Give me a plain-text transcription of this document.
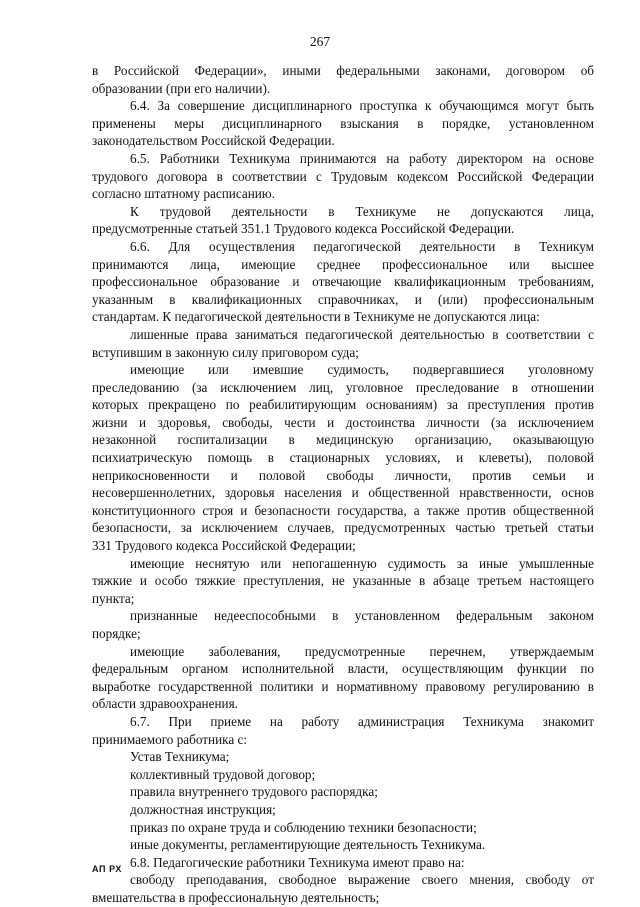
267
в Российской Федерации», иными федеральными законами, договором об
образовании (при его наличии).
6.4. За совершение дисциплинарного проступка к обучающимся могут быть
применены меры дисциплинарного взыскания в порядке, установленном
законодательством Российской Федерации.
6.5. Работники Техникума принимаются на работу директором на основе
трудового договора в соответствии с Трудовым кодексом Российской Федерации
согласно штатному расписанию.
К трудовой деятельности в Техникуме не допускаются лица,
предусмотренные статьей 351.1 Трудового кодекса Российской Федерации.
6.6. Для осуществления педагогической деятельности в Техникум
принимаются лица, имеющие среднее профессиональное или высшее
профессиональное образование и отвечающие квалификационным требованиям,
указанным в квалификационных справочниках, и (или) профессиональным
стандартам. К педагогической деятельности в Техникуме не допускаются лица:
лишенные права заниматься педагогической деятельностью в соответствии с
вступившим в законную силу приговором суда;
имеющие или имевшие судимость, подвергавшиеся уголовному
преследованию (за исключением лиц, уголовное преследование в отношении
которых прекращено по реабилитирующим основаниям) за преступления против
жизни и здоровья, свободы, чести и достоинства личности (за исключением
незаконной госпитализации в медицинскую организацию, оказывающую
психиатрическую помощь в стационарных условиях, и клеветы), половой
неприкосновенности и половой свободы личности, против семьи и
несовершеннолетних, здоровья населения и общественной нравственности, основ
конституционного строя и безопасности государства, а также против общественной
безопасности, за исключением случаев, предусмотренных частью третьей статьи
331 Трудового кодекса Российской Федерации;
имеющие неснятую или непогашенную судимость за иные умышленные
тяжкие и особо тяжкие преступления, не указанные в абзаце третьем настоящего
пункта;
признанные недееспособными в установленном федеральным законом
порядке;
имеющие заболевания, предусмотренные перечнем, утверждаемым
федеральным органом исполнительной власти, осуществляющим функции по
выработке государственной политики и нормативному правовому регулированию в
области здравоохранения.
6.7. При приеме на работу администрация Техникума знакомит
принимаемого работника с:
Устав Техникума;
коллективный трудовой договор;
правила внутреннего трудового распорядка;
должностная инструкция;
приказ по охране труда и соблюдению техники безопасности;
иные документы, регламентирующие деятельность Техникума.
6.8. Педагогические работники Техникума имеют право на:
свободу преподавания, свободное выражение своего мнения, свободу от
вмешательства в профессиональную деятельность;
АП РХ
